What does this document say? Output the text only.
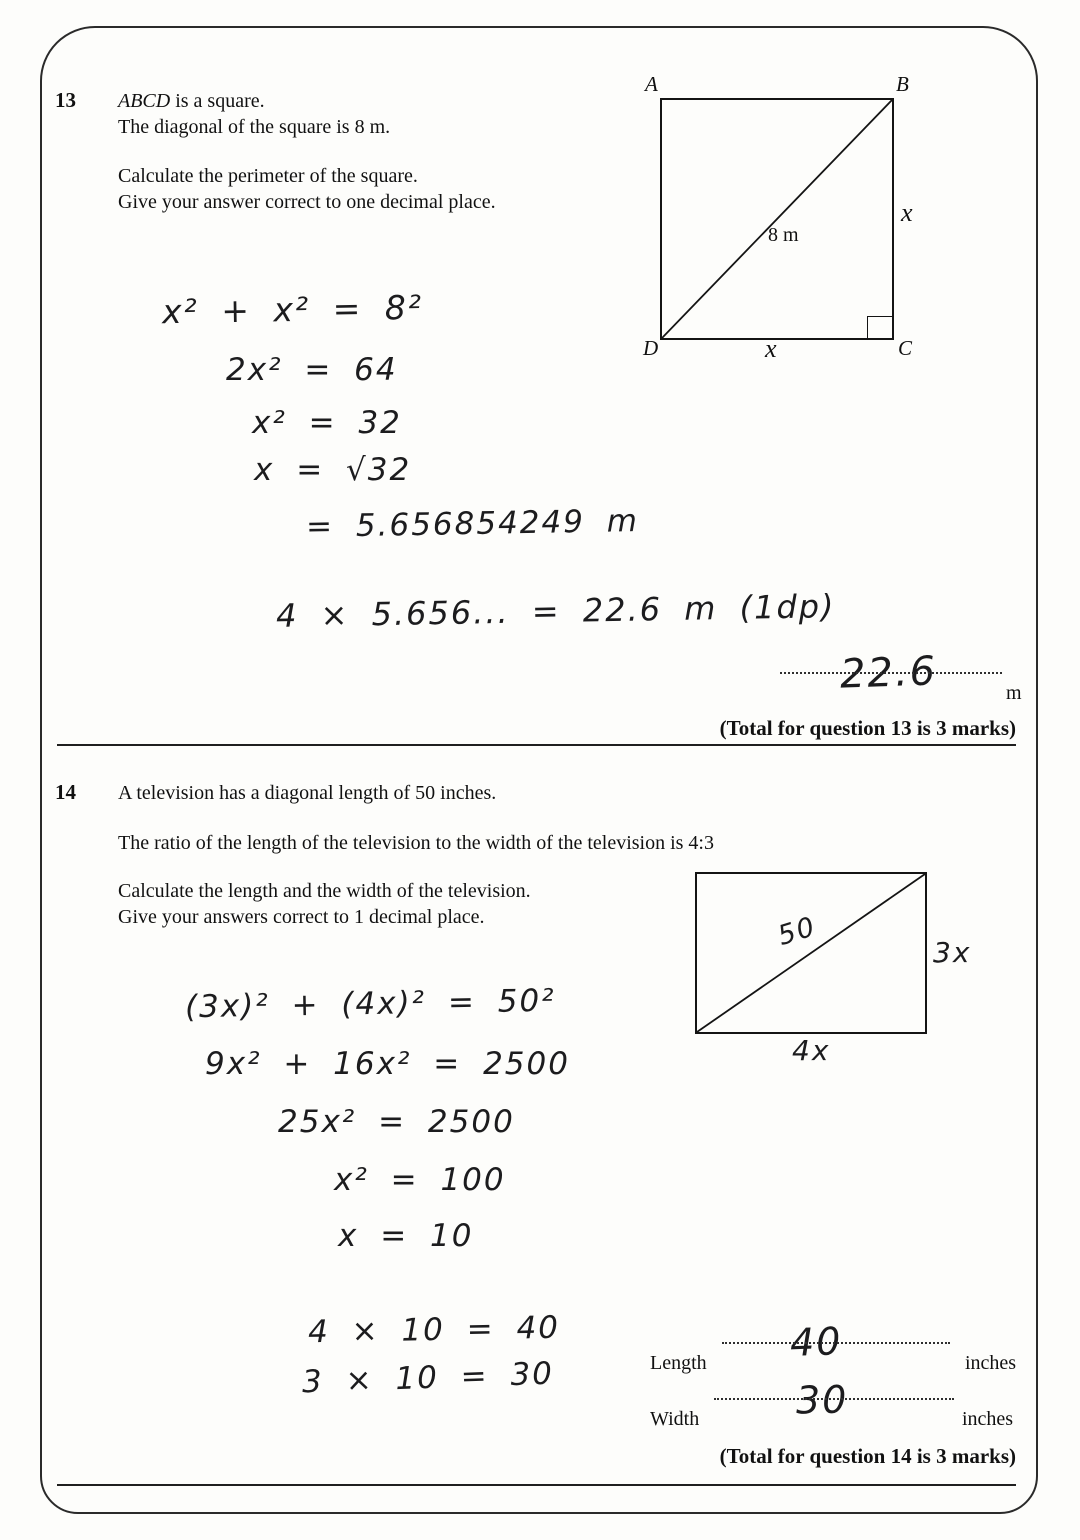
13 ABCD is a square.
The diagonal of the square is 8 m.
Calculate the perimeter of the square.
Give your answer correct to one decimal place.
A	B
D	C
x
x
8 m
x² + x² = 8²
2x² = 64
x² = 32
x = √32
= 5.656854249 m
4 × 5.656... = 22.6 m (1dp)
22.6	m
(Total for question 13 is 3 marks)
14 A television has a diagonal length of 50 inches.
The ratio of the length of the television to the width of the television is 4:3
Calculate the length and the width of the television.
Give your answers correct to 1 decimal place.	50
3x
4x
(3x)² + (4x)² = 50²
9x² + 16x² = 2500
25x² = 2500
x² = 100
x = 10
4 × 10 = 40
3 × 10 = 30	Length 40	inches
Width	30	inches
(Total for question 14 is 3 marks)
